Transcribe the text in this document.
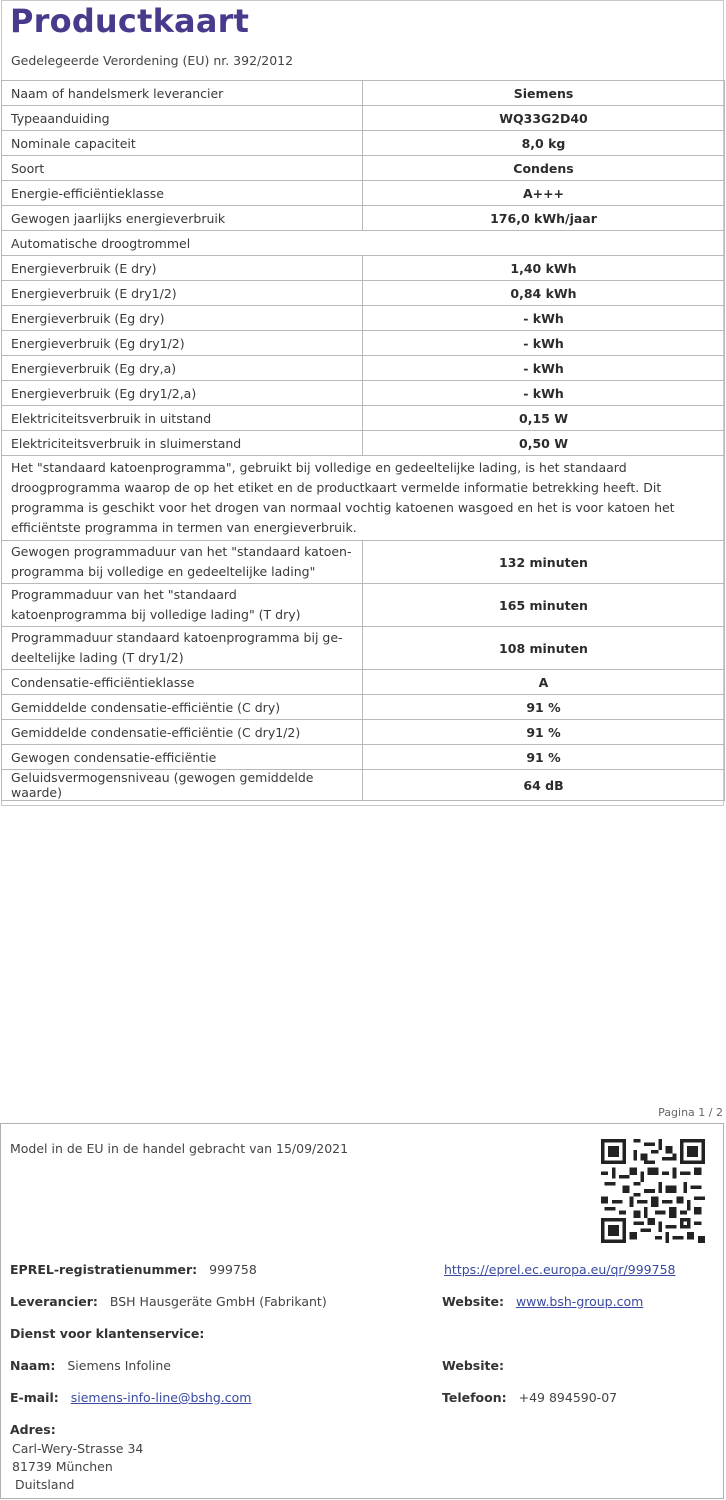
Productkaart
Gedelegeerde Verordening (EU) nr. 392/2012
Naam of handelsmerk leverancier	Siemens
Typeaanduiding	WQ33G2D40
Nominale capaciteit	8,0 kg
Soort	Condens
Energie-efficiëntieklasse	A+++
Gewogen jaarlijks energieverbruik	176,0 kWh/jaar
Automatische droogtrommel	
Energieverbruik (E dry)	1,40 kWh
Energieverbruik (E dry1/2)	0,84 kWh
Energieverbruik (Eg dry)	- kWh
Energieverbruik (Eg dry1/2)	- kWh
Energieverbruik (Eg dry,a)	- kWh
Energieverbruik (Eg dry1/2,a)	- kWh
Elektriciteitsverbruik in uitstand	0,15 W
Elektriciteitsverbruik in sluimerstand	0,50 W
Het "standaard katoenprogramma", gebruikt bij volledige en gedeeltelijke lading, is het standaard droogprogramma waarop de op het etiket en de productkaart vermelde informatie betrekking heeft. Dit programma is geschikt voor het drogen van normaal vochtig katoenen wasgoed en het is voor katoen het efficiëntste programma in termen van energieverbruik.	
Gewogen programmaduur van het "standaard katoen-programma bij volledige en gedeeltelijke lading"	132 minuten
Programmaduur van het "standaard katoenprogramma bij volledige lading" (T dry)	165 minuten
Programmaduur standaard katoenprogramma bij ge-deeltelijke lading (T dry1/2)	108 minuten
Condensatie-efficiëntieklasse	A
Gemiddelde condensatie-efficiëntie (C dry)	91 %
Gemiddelde condensatie-efficiëntie (C dry1/2)	91 %
Gewogen condensatie-efficiëntie	91 %
Geluidsvermogensniveau (gewogen gemiddelde waarde)	64 dB
Pagina 1 / 2
Model in de EU in de handel gebracht van 15/09/2021
EPREL-registratienummer: 999758	https://eprel.ec.europa.eu/qr/999758
Leverancier: BSH Hausgeräte GmbH (Fabrikant)	Website: www.bsh-group.com
Dienst voor klantenservice:
Naam: Siemens Infoline	Website:
E-mail: siemens-info-line@bshg.com	Telefoon: +49 894590-07
Adres:
Carl-Wery-Strasse 34
81739 München
Duitsland
